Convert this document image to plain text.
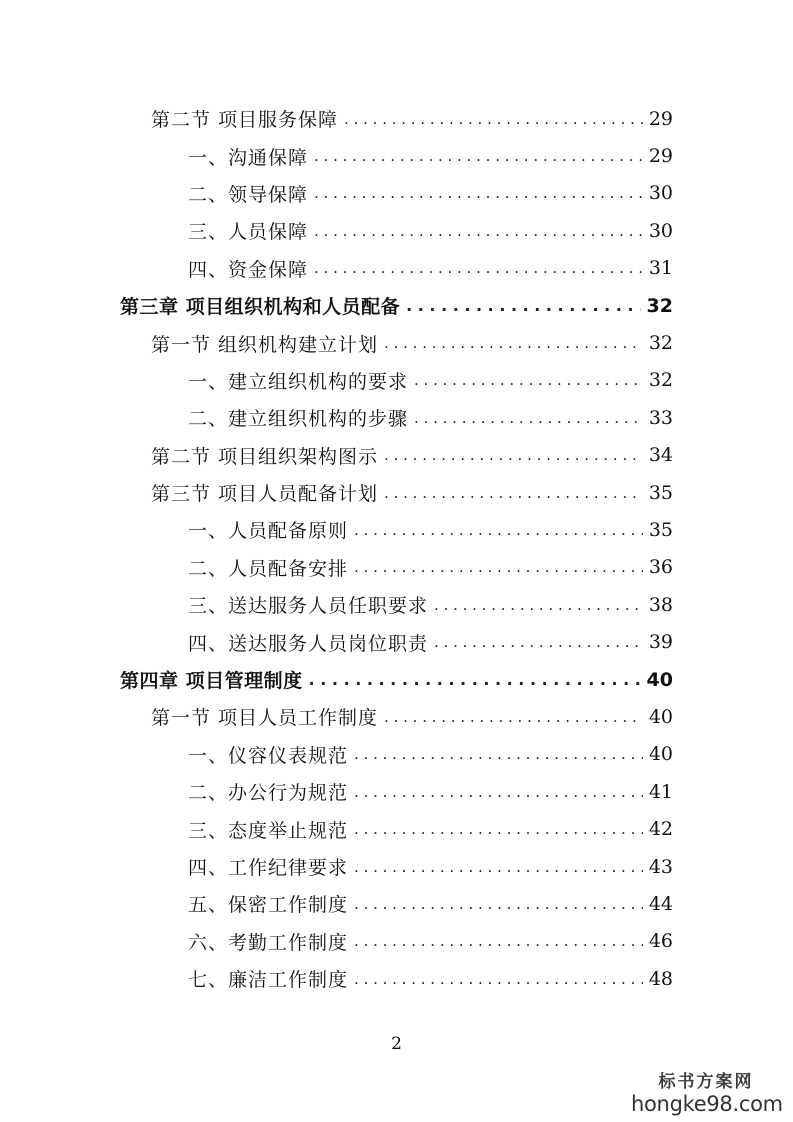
第二节 项目服务保障 . . .	29
一、沟通保障 . . .	29
二、领导保障 . . .	30
三、人员保障 . . .	30
四、资金保障 . . .	31
第三章 项目组织机构和人员配备 . . .	32
第一节 组织机构建立计划 . . .	32
一、建立组织机构的要求 . . .	32
二、建立组织机构的步骤 . . .	33
第二节 项目组织架构图示 . . .	34
第三节 项目人员配备计划 . . .	35
一、人员配备原则 . . .	35
二、人员配备安排 . . .	36
三、送达服务人员任职要求 . . .	38
四、送达服务人员岗位职责 . . .	39
第四章 项目管理制度 . . .	40
第一节 项目人员工作制度 . . .	40
一、仪容仪表规范 . . .	40
二、办公行为规范 . . .	41
三、态度举止规范 . . .	42
四、工作纪律要求 . . .	43
五、保密工作制度 . . .	44
六、考勤工作制度 . . .	46
七、廉洁工作制度 . . .	48
2
标书方案网
hongke98.com
